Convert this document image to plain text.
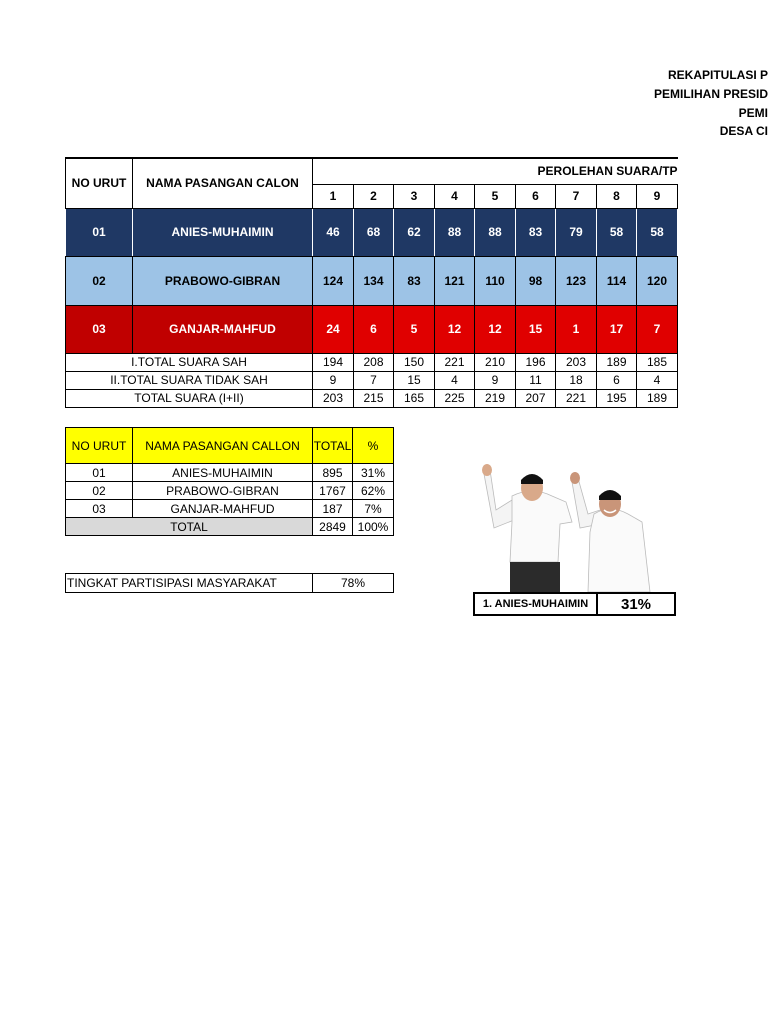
REKAPITULASI P
PEMILIHAN PRESID
PEMI
DESA CI
NO URUT	NAMA PASANGAN CALON	PEROLEHAN SUARA/TP								
		1	2	3	4	5	6	7	8	9
01	ANIES-MUHAIMIN	46	68	62	88	88	83	79	58	58
02	PRABOWO-GIBRAN	124	134	83	121	110	98	123	114	120
03	GANJAR-MAHFUD	24	6	5	12	12	15	1	17	7
I.TOTAL SUARA SAH		194	208	150	221	210	196	203	189	185
II.TOTAL SUARA TIDAK SAH		9	7	15	4	9	11	18	6	4
TOTAL SUARA (I+II)		203	215	165	225	219	207	221	195	189
NO URUT	NAMA PASANGAN CALLON	TOTAL	%
01	ANIES-MUHAIMIN	895	31%
02	PRABOWO-GIBRAN	1767	62%
03	GANJAR-MAHFUD	187	7%
TOTAL		2849	100%
TINGKAT PARTISIPASI MASYARAKAT	78%
1. ANIES-MUHAIMIN	31%
